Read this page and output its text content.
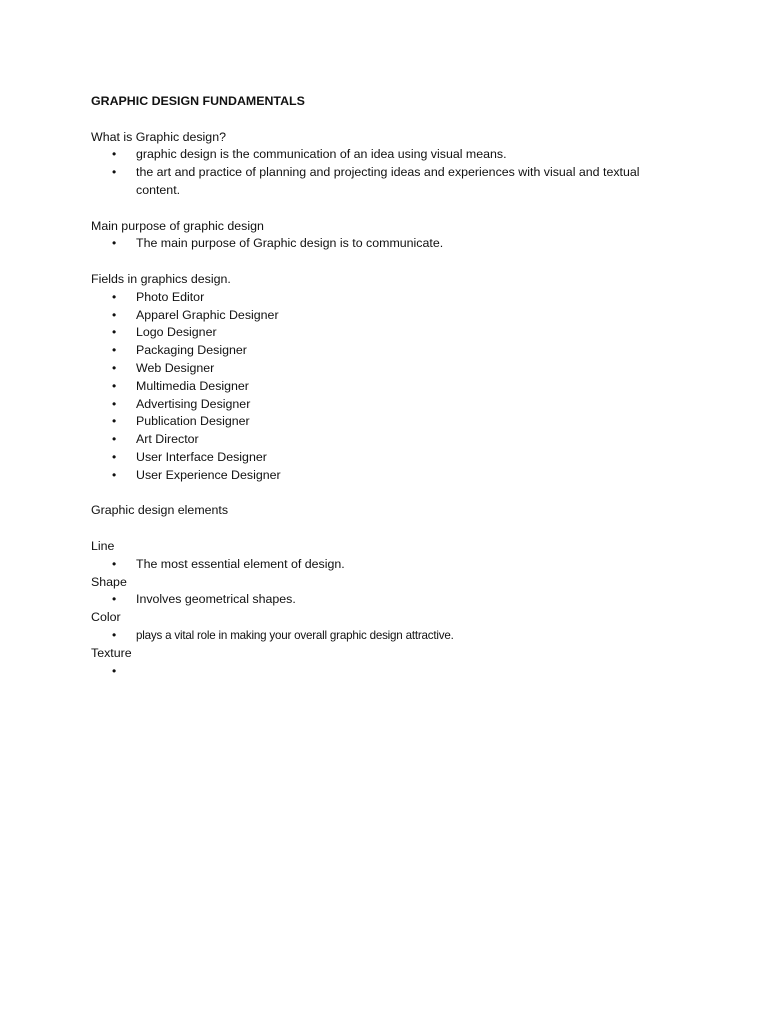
GRAPHIC DESIGN FUNDAMENTALS

What is Graphic design?

• graphic design is the communication of an idea using visual means.
• the art and practice of planning and projecting ideas and experiences with visual and textual content.

Main purpose of graphic design

• The main purpose of Graphic design is to communicate.

Fields in graphics design.

• Photo Editor
• Apparel Graphic Designer
• Logo Designer
• Packaging Designer
• Web Designer
• Multimedia Designer
• Advertising Designer
• Publication Designer
• Art Director
• User Interface Designer
• User Experience Designer

Graphic design elements

Line

• The most essential element of design.

Shape

• Involves geometrical shapes.

Color

• plays a vital role in making your overall graphic design attractive.

Texture

•
